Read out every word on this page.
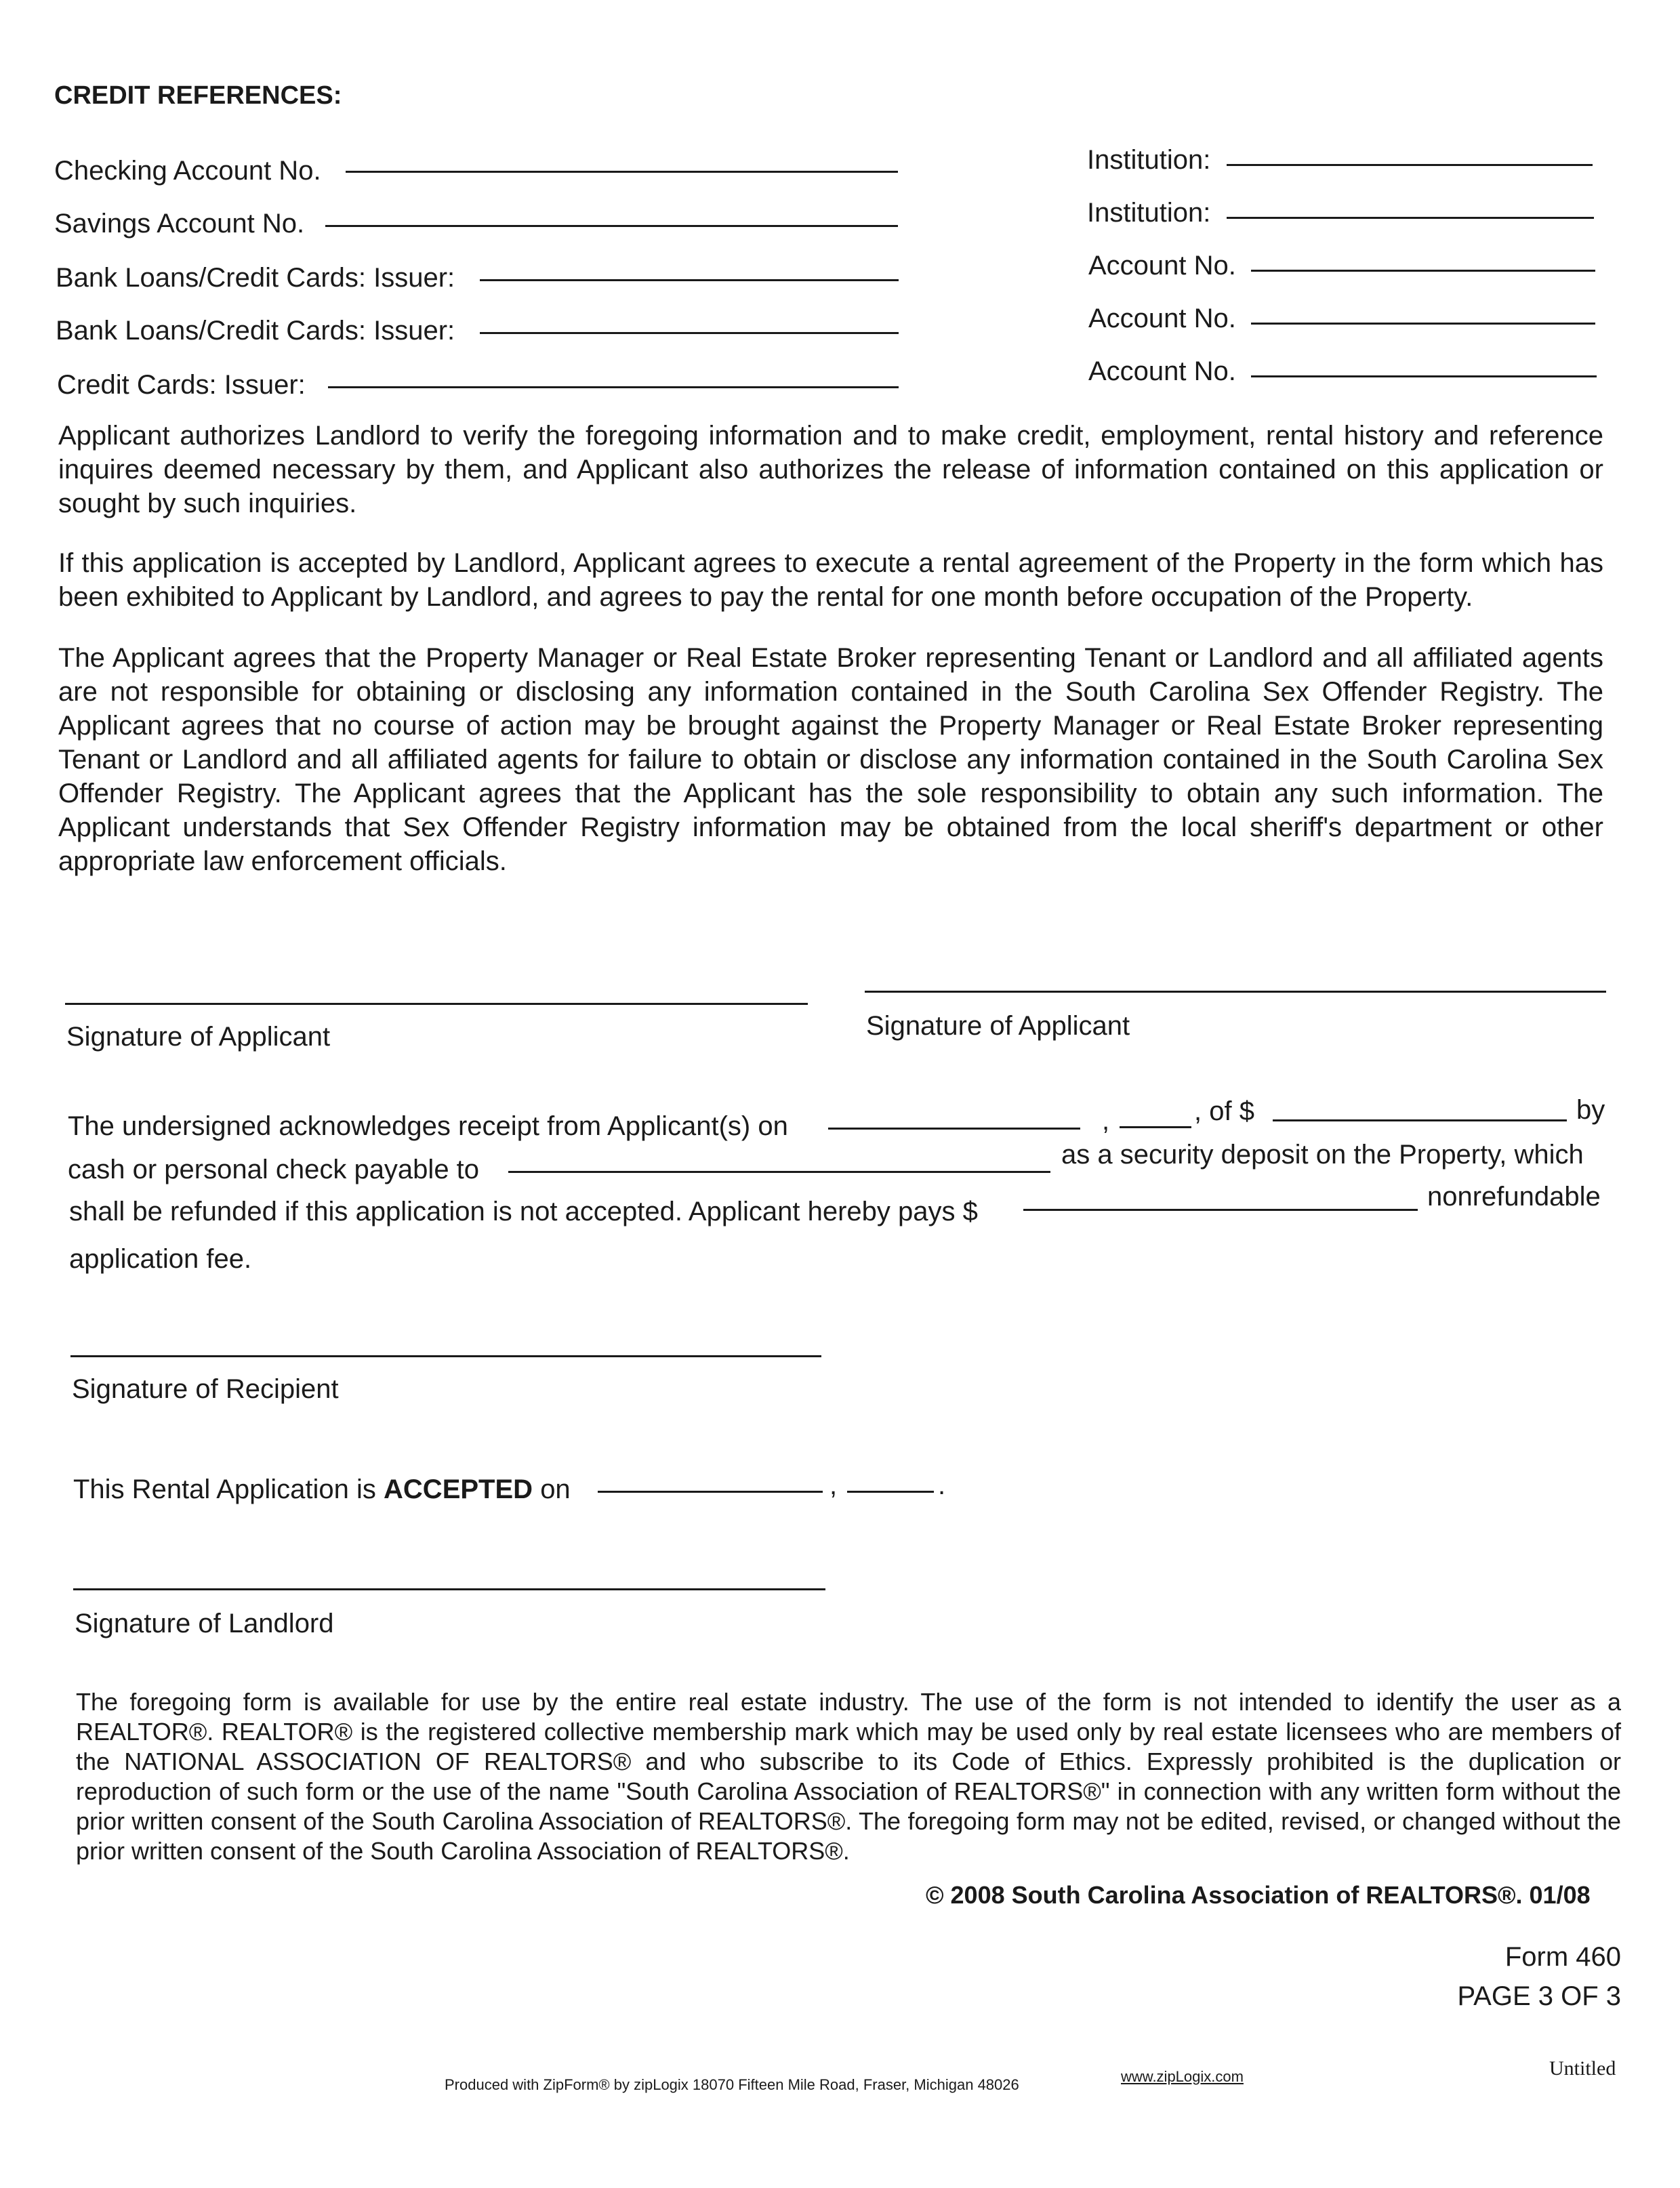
CREDIT REFERENCES:
Checking Account No.
Savings Account No.
Bank Loans/Credit Cards: Issuer:
Bank Loans/Credit Cards: Issuer:
Credit Cards: Issuer:
Institution:
Institution:
Account No.
Account No.
Account No.
Applicant authorizes Landlord to verify the foregoing information and to make credit, employment, rental history and reference inquires deemed necessary by them, and Applicant also authorizes the release of information contained on this application or sought by such inquiries.
If this application is accepted by Landlord, Applicant agrees to execute a rental agreement of the Property in the form which has been exhibited to Applicant by Landlord, and agrees to pay the rental for one month before occupation of the Property.
The Applicant agrees that the Property Manager or Real Estate Broker representing Tenant or Landlord and all affiliated agents are not responsible for obtaining or disclosing any information contained in the South Carolina Sex Offender Registry. The Applicant agrees that no course of action may be brought against the Property Manager or Real Estate Broker representing Tenant or Landlord and all affiliated agents for failure to obtain or disclose any information contained in the South Carolina Sex Offender Registry. The Applicant agrees that the Applicant has the sole responsibility to obtain any such information. The Applicant understands that Sex Offender Registry information may be obtained from the local sheriff's department or other appropriate law enforcement officials.
Signature of Applicant	Signature of Applicant
The undersigned acknowledges receipt from Applicant(s) on	,	, of $	by
cash or personal check payable to	as a security deposit on the Property, which
shall be refunded if this application is not accepted. Applicant hereby pays $	nonrefundable
application fee.
Signature of Recipient
This Rental Application is ACCEPTED on	,	.
Signature of Landlord
The foregoing form is available for use by the entire real estate industry. The use of the form is not intended to identify the user as a REALTOR®. REALTOR® is the registered collective membership mark which may be used only by real estate licensees who are members of the NATIONAL ASSOCIATION OF REALTORS® and who subscribe to its Code of Ethics. Expressly prohibited is the duplication or reproduction of such form or the use of the name "South Carolina Association of REALTORS®" in connection with any written form without the prior written consent of the South Carolina Association of REALTORS®. The foregoing form may not be edited, revised, or changed without the prior written consent of the South Carolina Association of REALTORS®.
© 2008 South Carolina Association of REALTORS®. 01/08
Form 460
PAGE 3 OF 3
Produced with ZipForm® by zipLogix 18070 Fifteen Mile Road, Fraser, Michigan 48026	www.zipLogix.com	Untitled
